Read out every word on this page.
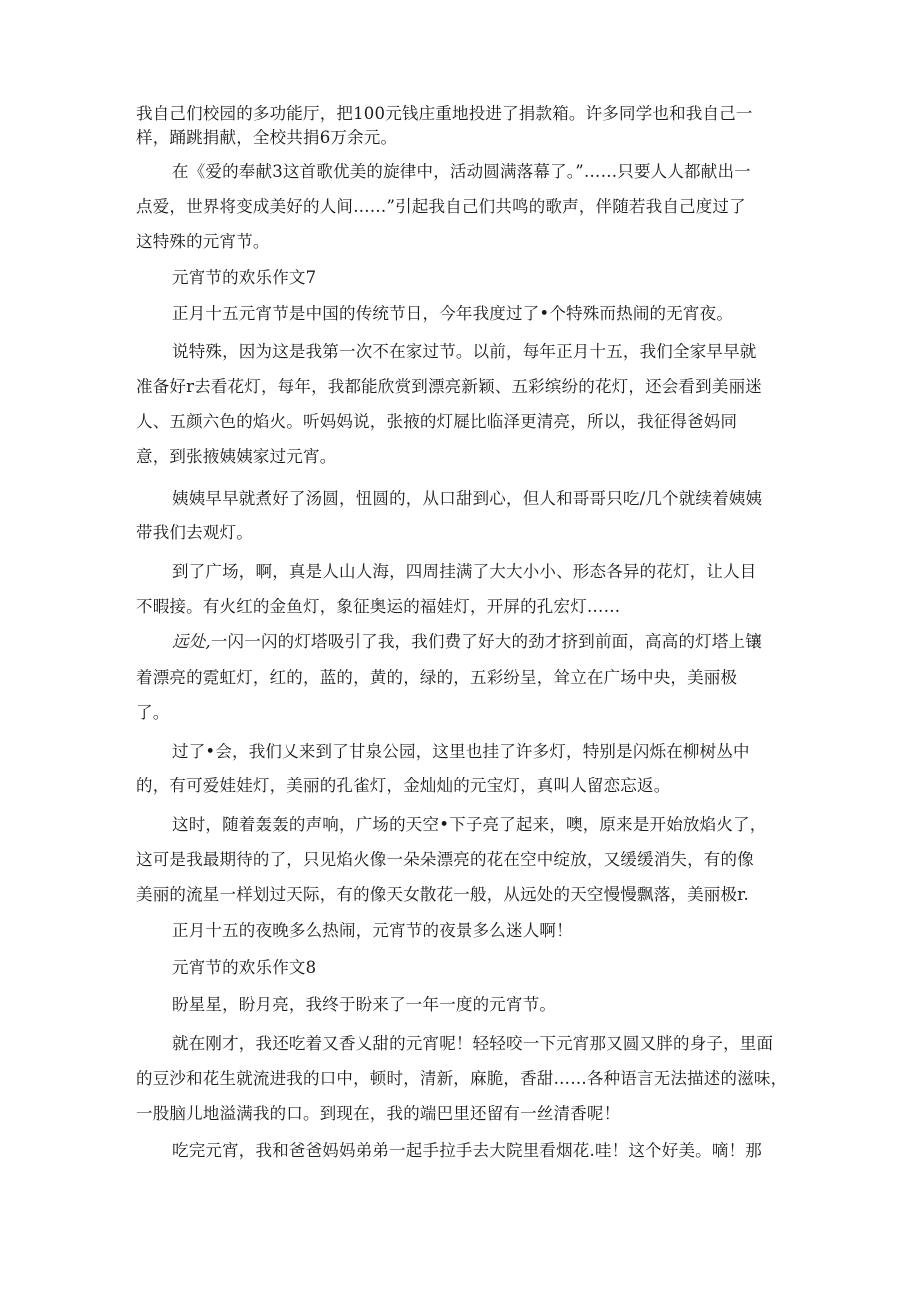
我自己们校园的多功能厅，把100元钱庄重地投进了捐款箱。许多同学也和我自己一
样，踊跳捐献，全校共捐6万余元。
在《爱的奉献3这首歌优美的旋律中，活动圆满落幕了。”……只要人人都献出一
点爱，世界将变成美好的人间……”引起我自己们共鸣的歌声，伴随若我自己度过了
这特殊的元宵节。
元宵节的欢乐作文7
正月十五元宵节是中国的传统节日，今年我度过了•个特殊而热闹的无宵夜。
说特殊，因为这是我第一次不在家过节。以前，每年正月十五，我们全家早早就
准备好r去看花灯，每年，我都能欣赏到漂亮新颖、五彩缤纷的花灯，还会看到美丽迷
人、五颜六色的焰火。听妈妈说，张掖的灯屣比临泽更清亮，所以，我征得爸妈同
意，到张掖姨姨家过元宵。
姨姨早早就煮好了汤圆，忸圆的，从口甜到心，但人和哥哥只吃/几个就续着姨姨
带我们去观灯。
到了广场，啊，真是人山人海，四周挂满了大大小小、形态各异的花灯，让人目
不暇接。有火红的金鱼灯，象征奥运的福娃灯，开屏的孔宏灯……
远处,一闪一闪的灯塔吸引了我，我们费了好大的劲才挤到前面，高高的灯塔上镶
着漂亮的霓虹灯，红的，蓝的，黄的，绿的，五彩纷呈，耸立在广场中央，美丽极
了。
过了•会，我们乂来到了甘泉公园，这里也挂了许多灯，特别是闪烁在柳树丛中
的，有可爱娃娃灯，美丽的孔雀灯，金灿灿的元宝灯，真叫人留恋忘返。
这时，随着轰轰的声响，广场的天空•下子亮了起来，噢，原来是开始放焰火了，
这可是我最期待的了，只见焰火像一朵朵漂亮的花在空中绽放，又缓缓消失，有的像
美丽的流星一样划过天际，有的像天女散花一般，从远处的天空慢慢飘落，美丽极r.
正月十五的夜晚多么热闹，元宵节的夜景多么迷人啊！
元宵节的欢乐作文8
盼星星，盼月亮，我终于盼来了一年一度的元宵节。
就在刚才，我还吃着又香乂甜的元宵呢！轻轻咬一下元宵那又圆又胖的身子，里面
的豆沙和花生就流进我的口中，顿时，清新，麻脆，香甜……各种语言无法描述的滋味，
一股脑儿地溢满我的口。到现在，我的端巴里还留有一丝清香呢！
吃完元宵，我和爸爸妈妈弟弟一起手拉手去大院里看烟花.哇！这个好美。嘀！那
